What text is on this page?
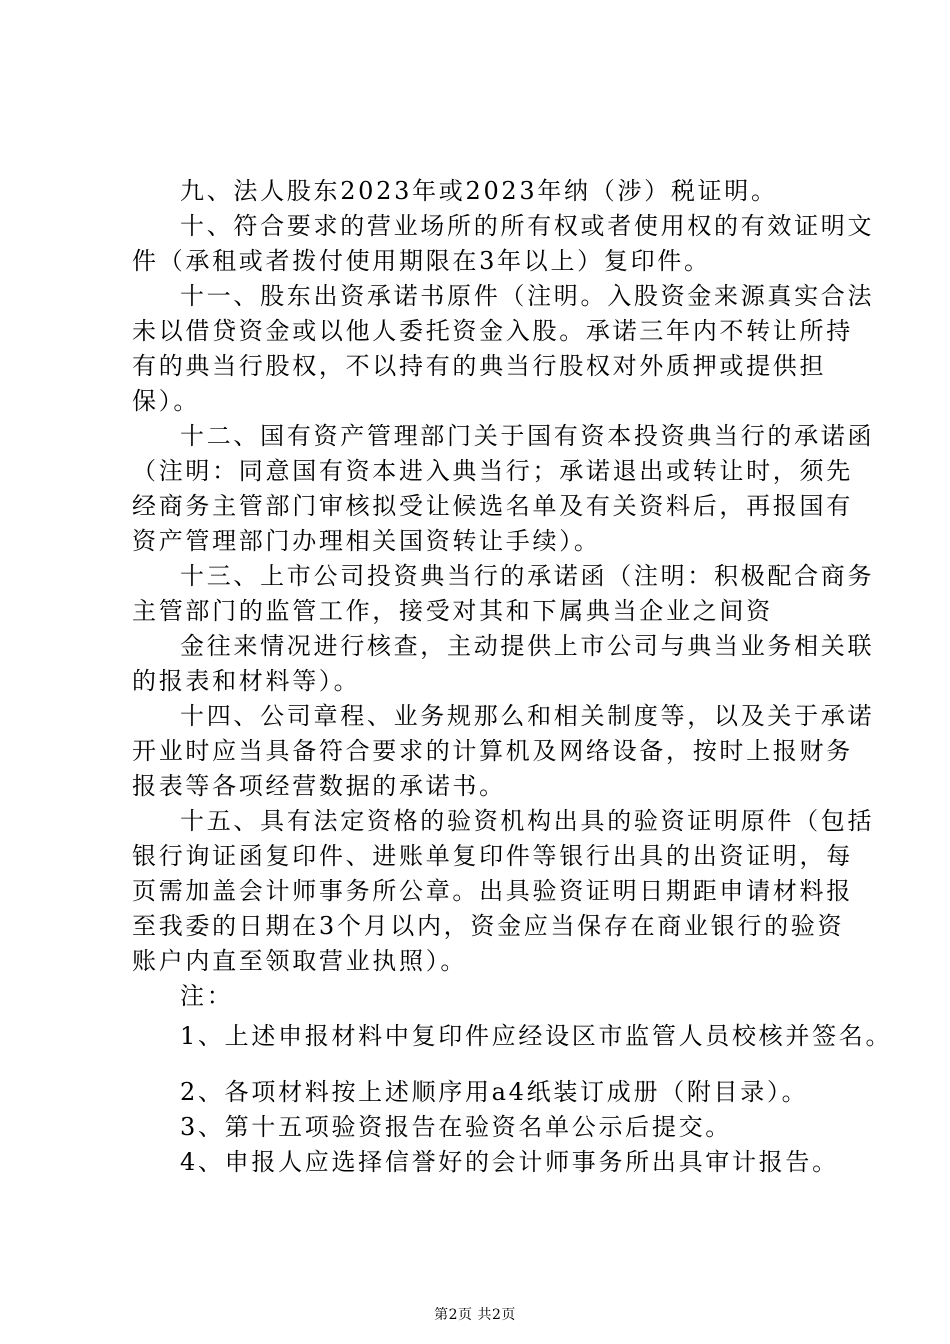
九、法人股东2023年或2023年纳（涉）税证明。
十、符合要求的营业场所的所有权或者使用权的有效证明文
件（承租或者拨付使用期限在3年以上）复印件。
十一、股东出资承诺书原件（注明。入股资金来源真实合法
未以借贷资金或以他人委托资金入股。承诺三年内不转让所持
有的典当行股权，不以持有的典当行股权对外质押或提供担
保）。
十二、国有资产管理部门关于国有资本投资典当行的承诺函
（注明：同意国有资本进入典当行；承诺退出或转让时，须先
经商务主管部门审核拟受让候选名单及有关资料后，再报国有
资产管理部门办理相关国资转让手续）。
十三、上市公司投资典当行的承诺函（注明：积极配合商务
主管部门的监管工作，接受对其和下属典当企业之间资
金往来情况进行核查，主动提供上市公司与典当业务相关联
的报表和材料等）。
十四、公司章程、业务规那么和相关制度等，以及关于承诺
开业时应当具备符合要求的计算机及网络设备，按时上报财务
报表等各项经营数据的承诺书。
十五、具有法定资格的验资机构出具的验资证明原件（包括
银行询证函复印件、进账单复印件等银行出具的出资证明，每
页需加盖会计师事务所公章。出具验资证明日期距申请材料报
至我委的日期在3个月以内，资金应当保存在商业银行的验资
账户内直至领取营业执照）。
注：
1、上述申报材料中复印件应经设区市监管人员校核并签名。
2、各项材料按上述顺序用a4纸装订成册（附目录）。
3、第十五项验资报告在验资名单公示后提交。
4、申报人应选择信誉好的会计师事务所出具审计报告。
第2页 共2页
